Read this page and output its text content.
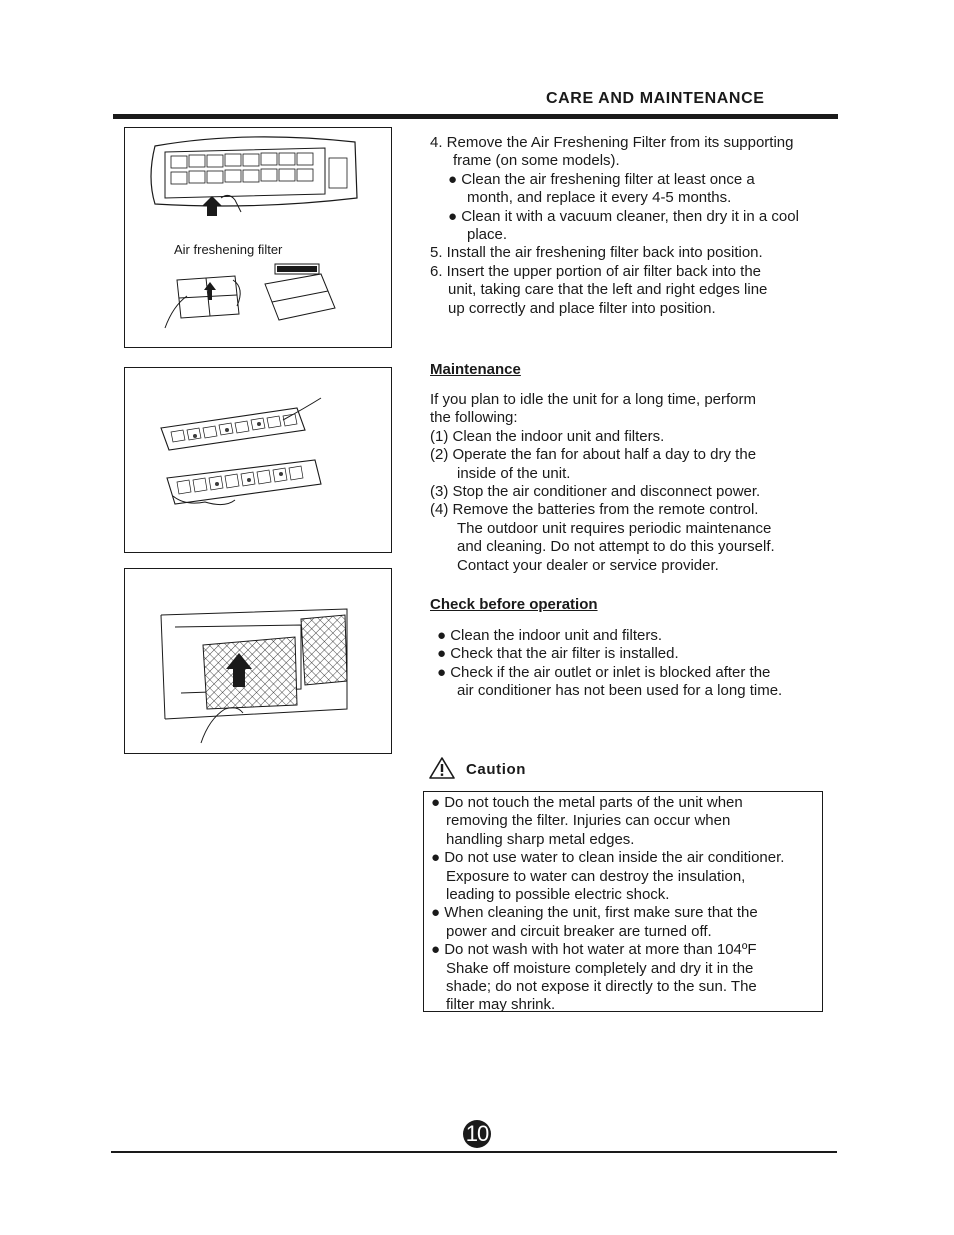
CARE AND MAINTENANCE
Air freshening filter
4. Remove the Air Freshening Filter from its supporting
frame (on some models).
● Clean the air freshening filter at least once a
month, and replace it every 4-5 months.
● Clean it with a vacuum cleaner, then dry it in a cool
place.
5. Install the air freshening filter back into position.
6. Insert the upper portion of air filter back into the
unit, taking care that the left and right edges line
up correctly and place filter into position.
Maintenance
If you plan to idle the unit for a long time, perform
the following:
(1) Clean the indoor unit and filters.
(2) Operate the fan for about half a day to dry the
inside of the unit.
(3) Stop the air conditioner and disconnect power.
(4) Remove the batteries from the remote control.
The outdoor unit requires periodic maintenance
and cleaning. Do not attempt to do this yourself.
Contact your dealer or service provider.
Check before operation
● Clean the indoor unit and filters.
● Check that the air filter is installed.
● Check if the air outlet or inlet is blocked after the
air conditioner has not been used for a long time.
Caution
● Do not touch the metal parts of the unit when
removing the filter. Injuries can occur when
handling sharp metal edges.
● Do not use water to clean inside the air conditioner.
Exposure to water can destroy the insulation,
leading to possible electric shock.
● When cleaning the unit, first make sure that the
power and circuit breaker are turned off.
● Do not wash with hot water at more than 104ºF
Shake off moisture completely and dry it in the
shade; do not expose it directly to the sun. The
filter may shrink.
10
